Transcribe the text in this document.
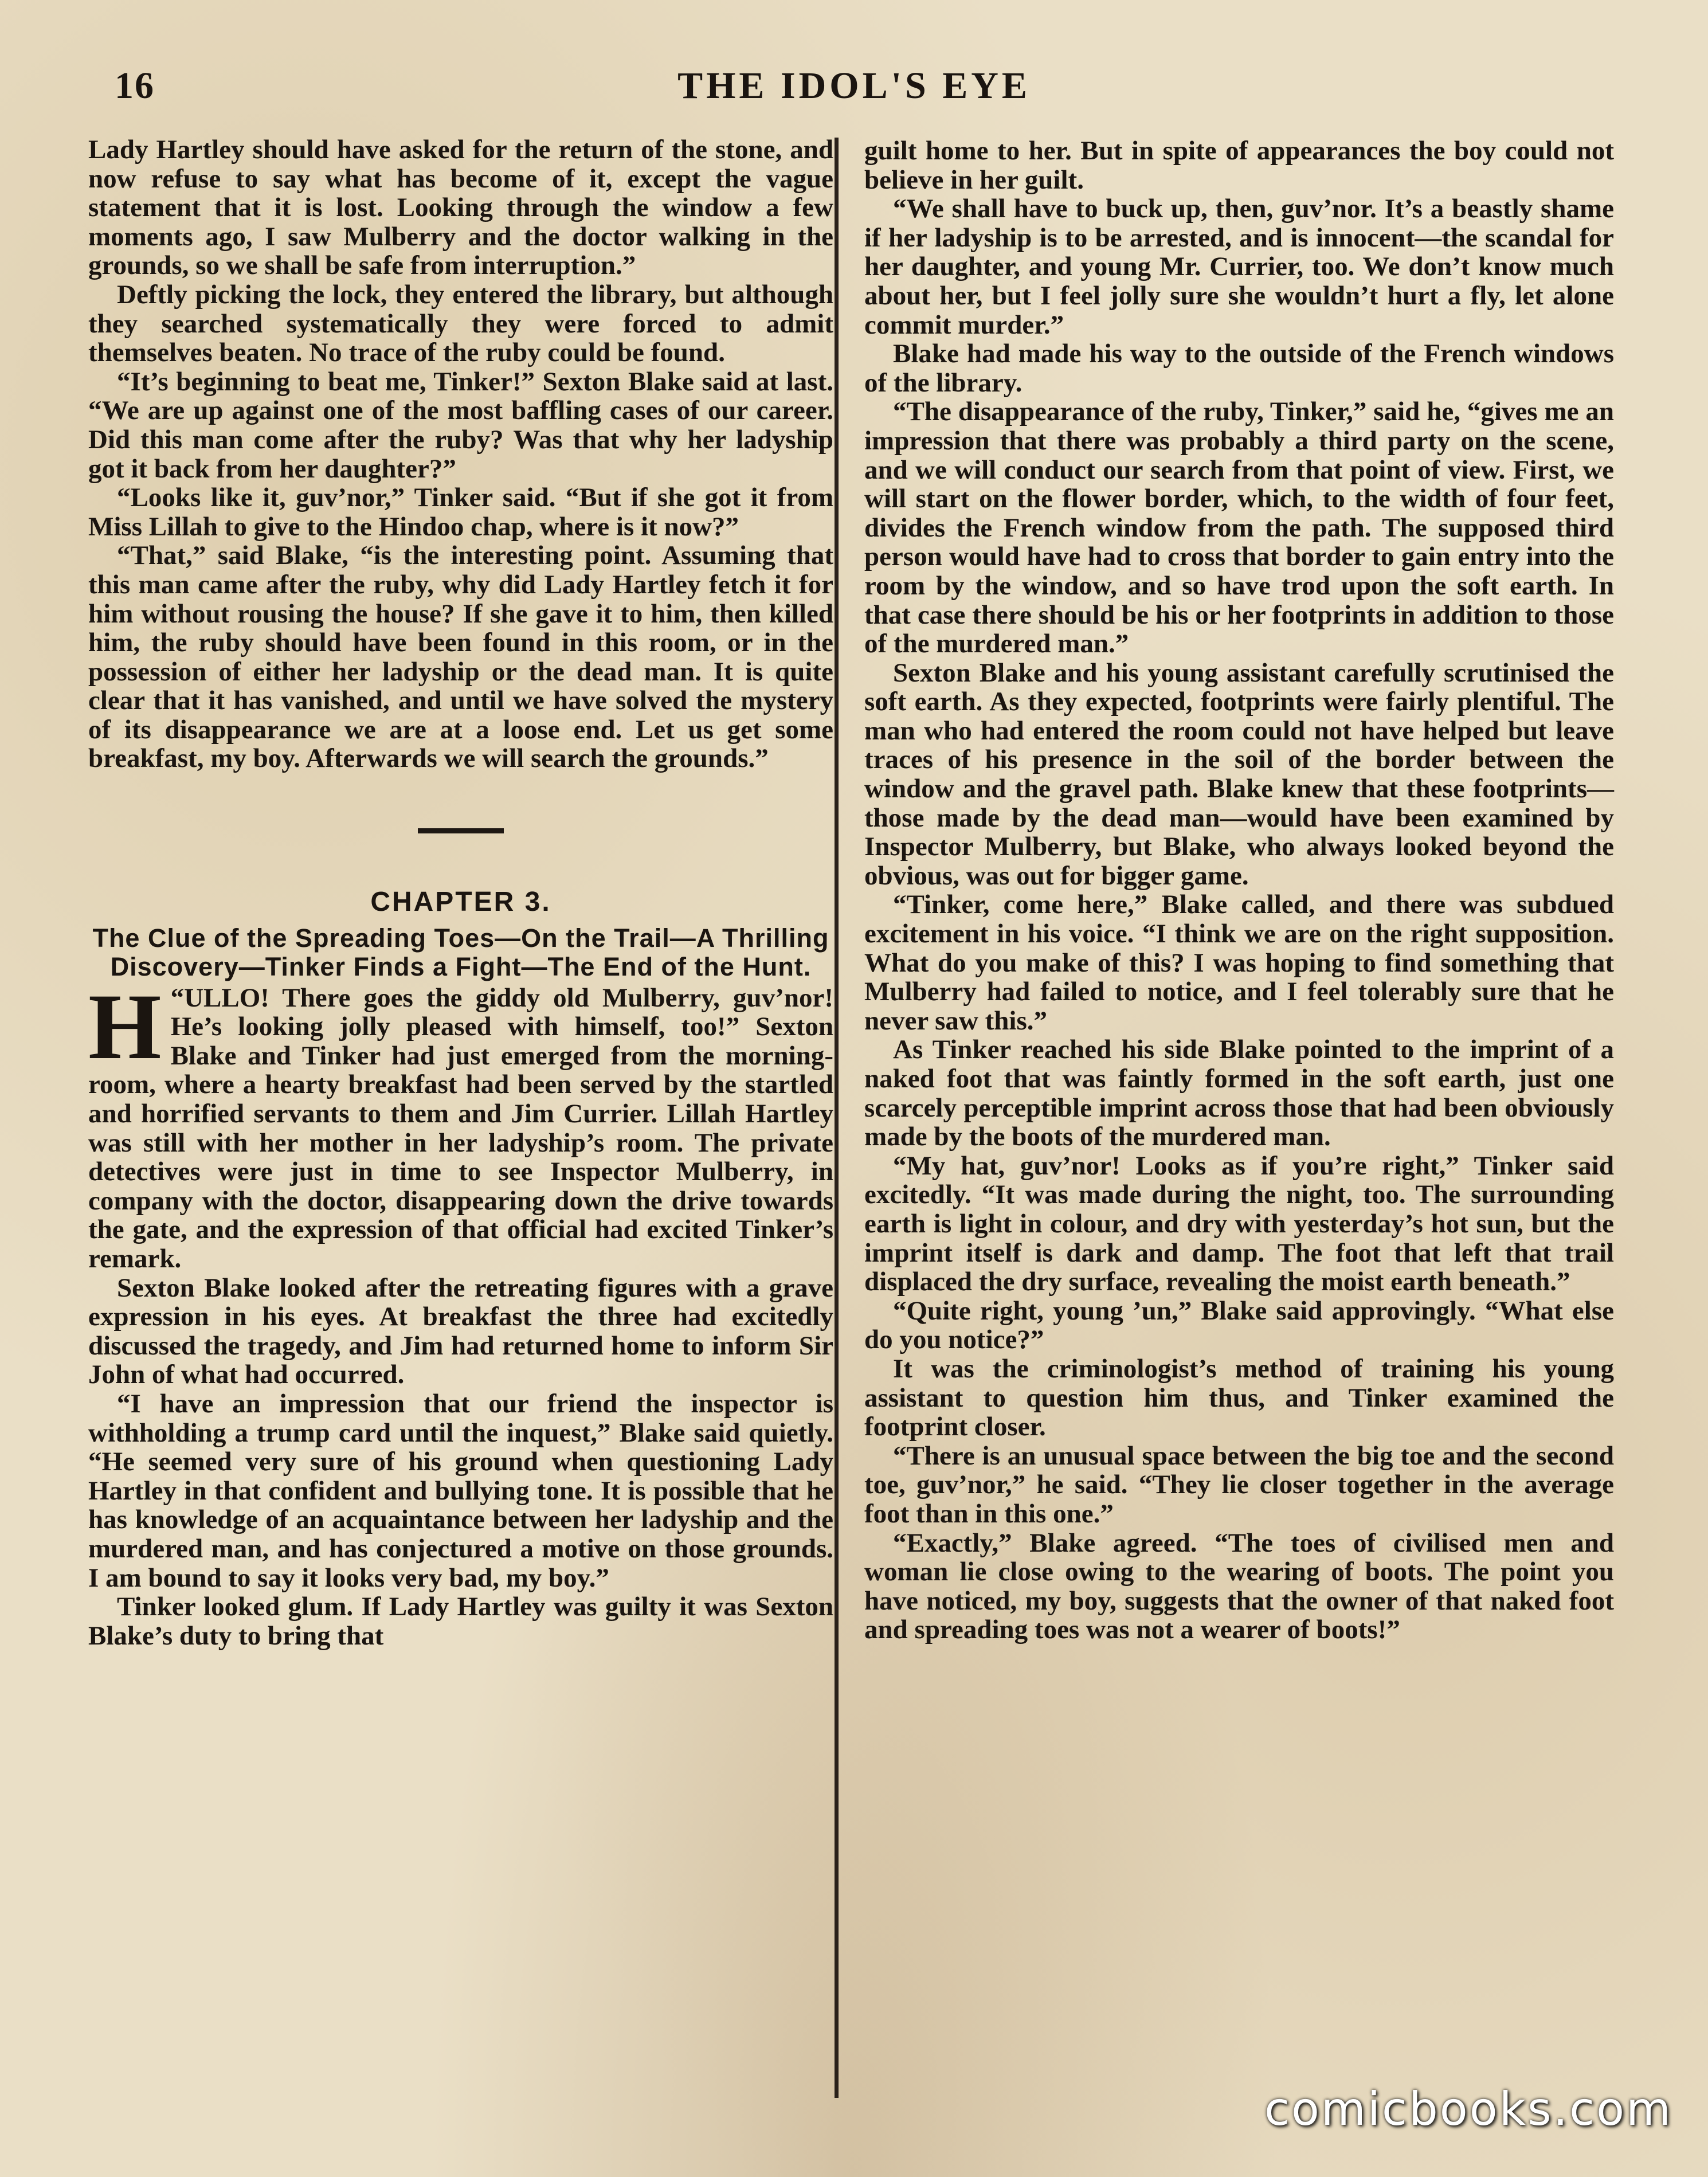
16	THE IDOL'S EYE

Lady Hartley should have asked for the return of the stone, and now refuse to say what has become of it, except the vague statement that it is lost. Looking through the window a few moments ago, I saw Mulberry and the doctor walking in the grounds, so we shall be safe from interruption.”

Deftly picking the lock, they entered the library, but although they searched systematically they were forced to admit themselves beaten. No trace of the ruby could be found.

“It’s beginning to beat me, Tinker!” Sexton Blake said at last. “We are up against one of the most baffling cases of our career. Did this man come after the ruby? Was that why her ladyship got it back from her daughter?”

“Looks like it, guv’nor,” Tinker said. “But if she got it from Miss Lillah to give to the Hindoo chap, where is it now?”

“That,” said Blake, “is the interesting point. Assuming that this man came after the ruby, why did Lady Hartley fetch it for him without rousing the house? If she gave it to him, then killed him, the ruby should have been found in this room, or in the possession of either her ladyship or the dead man. It is quite clear that it has vanished, and until we have solved the mystery of its disappearance we are at a loose end. Let us get some breakfast, my boy. Afterwards we will search the grounds.”

CHAPTER 3.
The Clue of the Spreading Toes—On the Trail—A Thrilling Discovery—Tinker Finds a Fight—The End of the Hunt.

“
H ULLO! There goes the giddy old Mulberry, guv’nor! He’s looking jolly pleased with himself, too!” Sexton Blake and Tinker had just emerged from the morning-room, where a hearty breakfast had been served by the startled and horrified servants to them and Jim Currier. Lillah Hartley was still with her mother in her ladyship’s room. The private detectives were just in time to see Inspector Mulberry, in company with the doctor, disappearing down the drive towards the gate, and the expression of that official had excited Tinker’s remark.

Sexton Blake looked after the retreating figures with a grave expression in his eyes. At breakfast the three had excitedly discussed the tragedy, and Jim had returned home to inform Sir John of what had occurred.

“I have an impression that our friend the inspector is withholding a trump card until the inquest,” Blake said quietly. “He seemed very sure of his ground when questioning Lady Hartley in that confident and bullying tone. It is possible that he has knowledge of an acquaintance between her ladyship and the murdered man, and has conjectured a motive on those grounds. I am bound to say it looks very bad, my boy.”

Tinker looked glum. If Lady Hartley was guilty it was Sexton Blake’s duty to bring that

guilt home to her. But in spite of appearances the boy could not believe in her guilt.

“We shall have to buck up, then, guv’nor. It’s a beastly shame if her ladyship is to be arrested, and is innocent—the scandal for her daughter, and young Mr. Currier, too. We don’t know much about her, but I feel jolly sure she wouldn’t hurt a fly, let alone commit murder.”

Blake had made his way to the outside of the French windows of the library.

“The disappearance of the ruby, Tinker,” said he, “gives me an impression that there was probably a third party on the scene, and we will conduct our search from that point of view. First, we will start on the flower border, which, to the width of four feet, divides the French window from the path. The supposed third person would have had to cross that border to gain entry into the room by the window, and so have trod upon the soft earth. In that case there should be his or her footprints in addition to those of the murdered man.”

Sexton Blake and his young assistant carefully scrutinised the soft earth. As they expected, footprints were fairly plentiful. The man who had entered the room could not have helped but leave traces of his presence in the soil of the border between the window and the gravel path. Blake knew that these footprints—those made by the dead man—would have been examined by Inspector Mulberry, but Blake, who always looked beyond the obvious, was out for bigger game.

“Tinker, come here,” Blake called, and there was subdued excitement in his voice. “I think we are on the right supposition. What do you make of this? I was hoping to find something that Mulberry had failed to notice, and I feel tolerably sure that he never saw this.”

As Tinker reached his side Blake pointed to the imprint of a naked foot that was faintly formed in the soft earth, just one scarcely perceptible imprint across those that had been obviously made by the boots of the murdered man.

“My hat, guv’nor! Looks as if you’re right,” Tinker said excitedly. “It was made during the night, too. The surrounding earth is light in colour, and dry with yesterday’s hot sun, but the imprint itself is dark and damp. The foot that left that trail displaced the dry surface, revealing the moist earth beneath.”

“Quite right, young ’un,” Blake said approvingly. “What else do you notice?”

It was the criminologist’s method of training his young assistant to question him thus, and Tinker examined the footprint closer.

“There is an unusual space between the big toe and the second toe, guv’nor,” he said. “They lie closer together in the average foot than in this one.”

“Exactly,” Blake agreed. “The toes of civilised men and woman lie close owing to the wearing of boots. The point you have noticed, my boy, suggests that the owner of that naked foot and spreading toes was not a wearer of boots!”

comicbooks.com
